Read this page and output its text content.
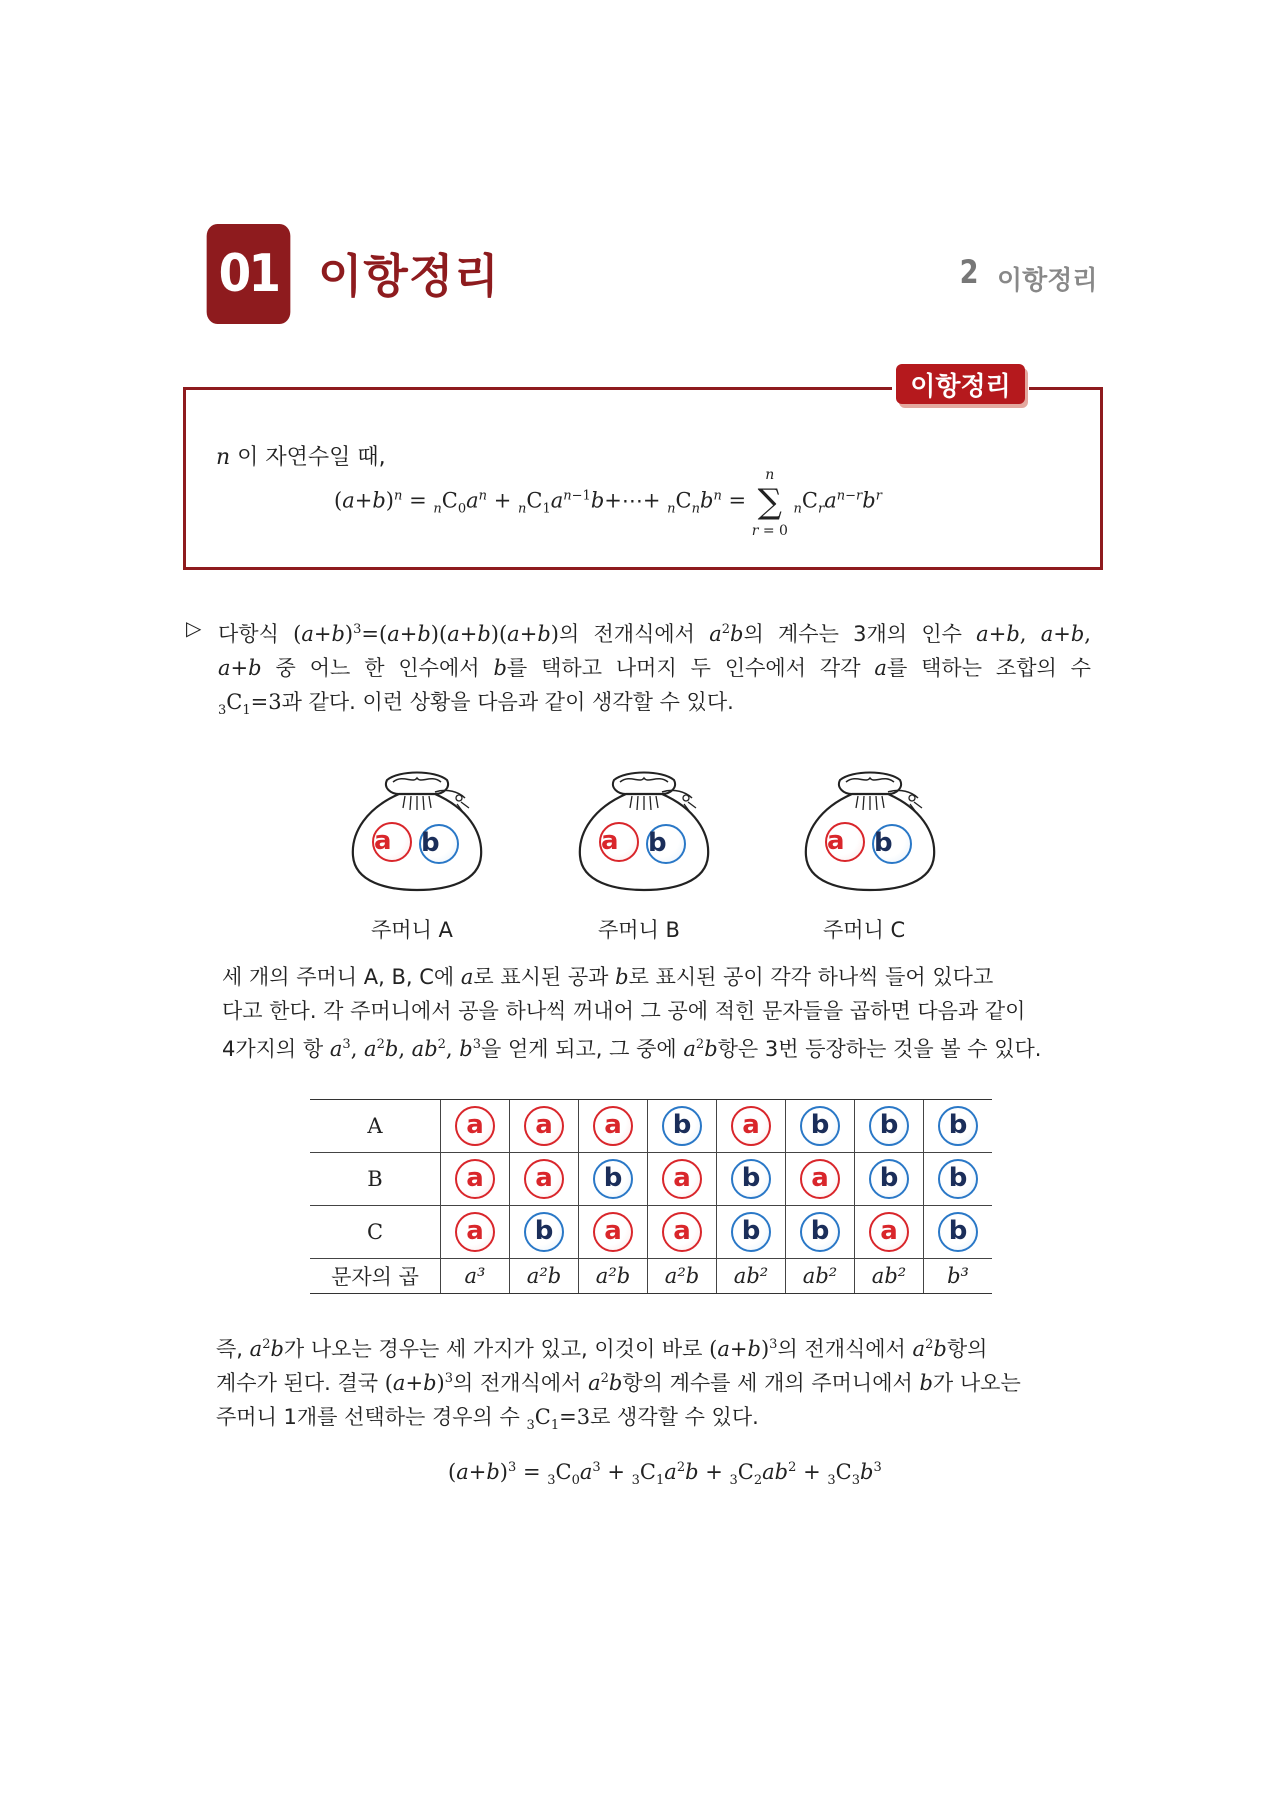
01 이항정리	2 이항정리
이항정리
n 이 자연수일 때,
$(a+b)^n = _nC_0a^n$ + $_nC_1a^{n-1}b+\cdots+ _nC_nb^n$ =
n
∑
r = 0
$_nC_ra^{n-r}b^r$
▷ 다항식 $(a+b)^3=(a+b)(a+b)(a+b)$의 전개식에서 $a^2b$의 계수는 3개의 인수 a+b, a+b,
a+b 중 어느 한 인수에서 b를 택하고 나머지 두 인수에서 각각 a를 택하는 조합의 수
$_3C_1=3$과 같다. 이런 상황을 다음과 같이 생각할 수 있다.
a	b	a	b	a	b
주머니 A	주머니 B	주머니 C
세 개의 주머니 A, B, C에 a로 표시된 공과 b로 표시된 공이 각각 하나씩 들어 있다고
다고 한다. 각 주머니에서 공을 하나씩 꺼내어 그 공에 적힌 문자들을 곱하면 다음과 같이
4가지의 항 $a^3$, $a^2b$, $ab^2$, $b^3$을 얻게 되고, 그 중에 $a^2b$항은 3번 등장하는 것을 볼 수 있다.
A	a	a	a	b	a	b	b	b
B	a	a	b	a	b	a	b	b
C	a	b	a	a	b	b	a	b
문자의 곱	a³	a²b	a²b	a²b	ab²	ab²	ab²	b³
즉, $a^2b$가 나오는 경우는 세 가지가 있고, 이것이 바로 $(a+b)^3$의 전개식에서 $a^2b$항의
계수가 된다. 결국 $(a+b)^3$의 전개식에서 $a^2b$항의 계수를 세 개의 주머니에서 b가 나오는
주머니 1개를 선택하는 경우의 수 $_3C_1=3$로 생각할 수 있다.
$(a+b)^3 = _3C_0a^3 + _3C_1a^2b + _3C_2ab^2 + _3C_3b^3$
